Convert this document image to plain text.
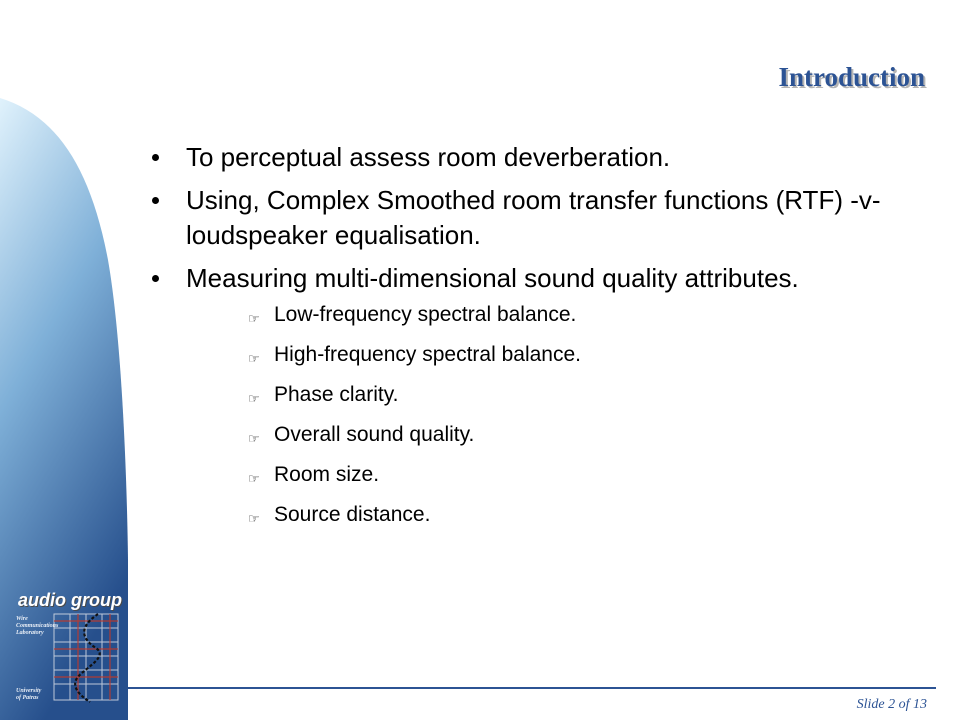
audio group
Wire
Communications
Laboratory
University
of Patras
Introduction
To perceptual assess room deverberation.
Using, Complex Smoothed room transfer functions (RTF) -v- loudspeaker equalisation.
Measuring multi-dimensional sound quality attributes.
☞ Low-frequency spectral balance.
☞ High-frequency spectral balance.
☞ Phase clarity.
☞ Overall sound quality.
☞ Room size.
☞ Source distance.
Slide 2 of 13
